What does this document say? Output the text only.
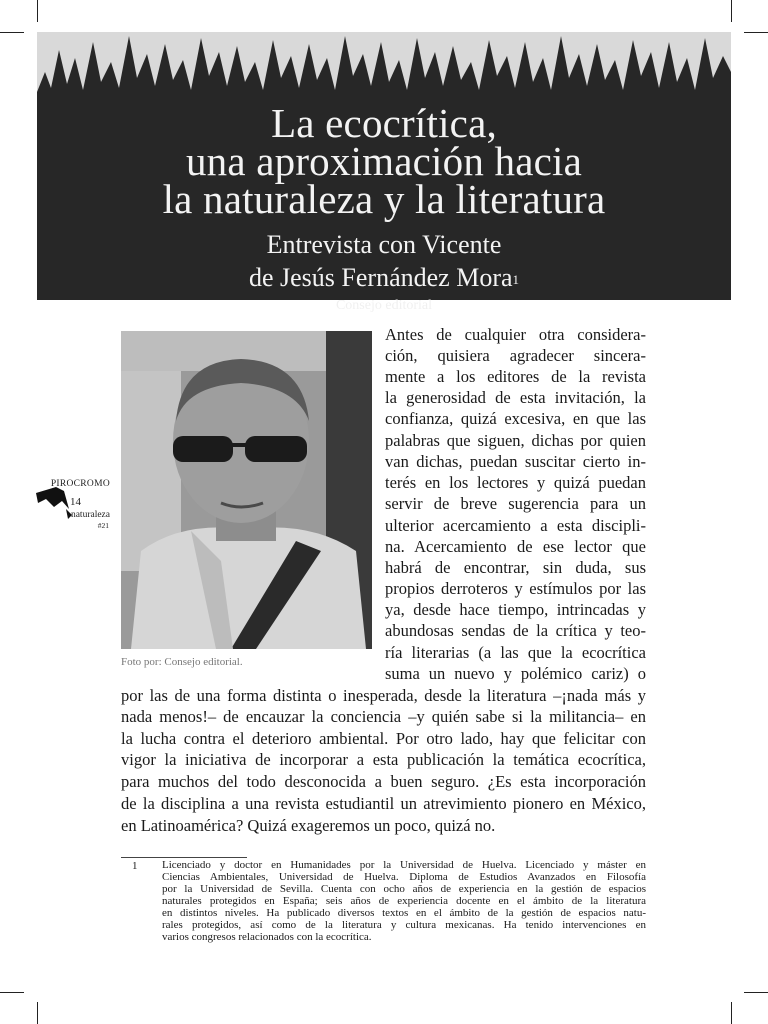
La ecocrítica,
una aproximación hacia
la naturaleza y la literatura
Entrevista con Vicente
de Jesús Fernández Mora$^1$
Consejo editorial
PIROCROMO
14
naturaleza
#21
Foto por: Consejo editorial.
Antes de cualquier otra considera-
ción, quisiera agradecer sincera-
mente a los editores de la revista
la generosidad de esta invitación, la
confianza, quizá excesiva, en que las
palabras que siguen, dichas por quien
van dichas, puedan suscitar cierto in-
terés en los lectores y quizá puedan
servir de breve sugerencia para un
ulterior acercamiento a esta discipli-
na. Acercamiento de ese lector que
habrá de encontrar, sin duda, sus
propios derroteros y estímulos por las
ya, desde hace tiempo, intrincadas y
abundosas sendas de la crítica y teo-
ría literarias (a las que la ecocrítica
suma un nuevo y polémico cariz) o
por las de una forma distinta o inesperada, desde la literatura –¡nada más y
nada menos!– de encauzar la conciencia –y quién sabe si la militancia– en
la lucha contra el deterioro ambiental. Por otro lado, hay que felicitar con
vigor la iniciativa de incorporar a esta publicación la temática ecocrítica,
para muchos del todo desconocida a buen seguro. ¿Es esta incorporación
de la disciplina a una revista estudiantil un atrevimiento pionero en México,
en Latinoamérica? Quizá exageremos un poco, quizá no.
1 Licenciado y doctor en Humanidades por la Universidad de Huelva. Licenciado y máster en
Ciencias Ambientales, Universidad de Huelva. Diploma de Estudios Avanzados en Filosofía
por la Universidad de Sevilla. Cuenta con ocho años de experiencia en la gestión de espacios
naturales protegidos en España; seis años de experiencia docente en el ámbito de la literatura
en distintos niveles. Ha publicado diversos textos en el ámbito de la gestión de espacios natu-
rales protegidos, así como de la literatura y cultura mexicanas. Ha tenido intervenciones en
varios congresos relacionados con la ecocrítica.
